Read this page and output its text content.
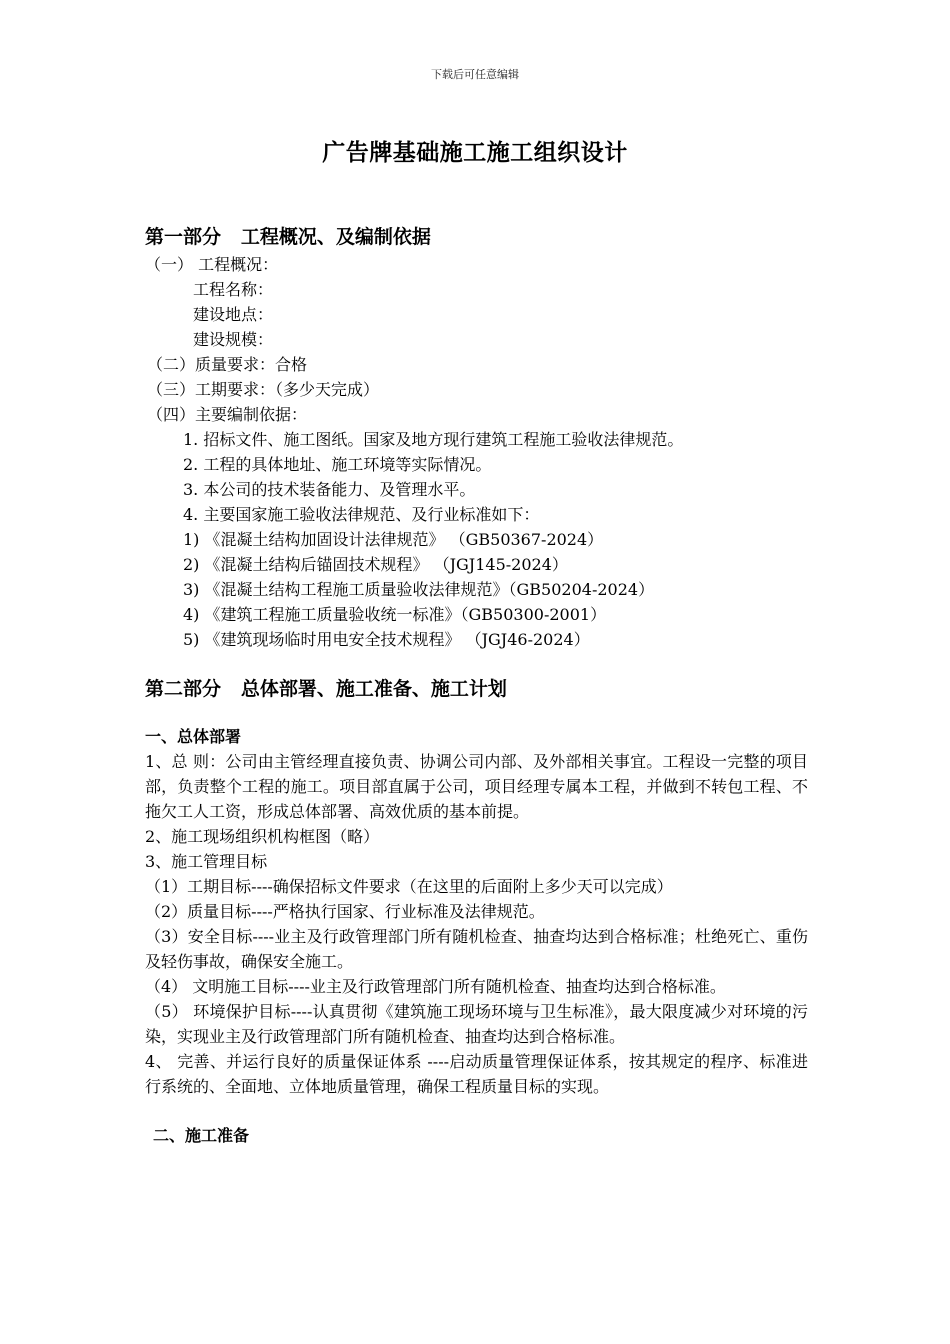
下载后可任意编辑
广告牌基础施工施工组织设计
第一部分   工程概况、及编制依据
（一） 工程概况：
工程名称：
建设地点：
建设规模：
（二）质量要求：合格
（三）工期要求：（多少天完成）
（四）主要编制依据：
1. 招标文件、施工图纸。国家及地方现行建筑工程施工验收法律规范。
2. 工程的具体地址、施工环境等实际情况。
3. 本公司的技术装备能力、及管理水平。
4. 主要国家施工验收法律规范、及行业标准如下：
1) 《混凝土结构加固设计法律规范》 （GB50367-2024）
2) 《混凝土结构后锚固技术规程》 （JGJ145-2024）
3) 《混凝土结构工程施工质量验收法律规范》（GB50204-2024）
4) 《建筑工程施工质量验收统一标准》（GB50300-2001）
5) 《建筑现场临时用电安全技术规程》 （JGJ46-2024）
第二部分   总体部署、施工准备、施工计划
一、总体部署
1、总 则：公司由主管经理直接负责、协调公司内部、及外部相关事宜。工程设一完整的项目部，负责整个工程的施工。项目部直属于公司，项目经理专属本工程，并做到不转包工程、不拖欠工人工资，形成总体部署、高效优质的基本前提。
2、施工现场组织机构框图（略）
3、施工管理目标
（1）工期目标----确保招标文件要求（在这里的后面附上多少天可以完成）
（2）质量目标----严格执行国家、行业标准及法律规范。
（3）安全目标----业主及行政管理部门所有随机检查、抽查均达到合格标准；杜绝死亡、重伤及轻伤事故，确保安全施工。
（4） 文明施工目标----业主及行政管理部门所有随机检查、抽查均达到合格标准。
（5） 环境保护目标----认真贯彻《建筑施工现场环境与卫生标准》，最大限度减少对环境的污染，实现业主及行政管理部门所有随机检查、抽查均达到合格标准。
4、 完善、并运行良好的质量保证体系 ----启动质量管理保证体系，按其规定的程序、标准进行系统的、全面地、立体地质量管理，确保工程质量目标的实现。
二、施工准备
